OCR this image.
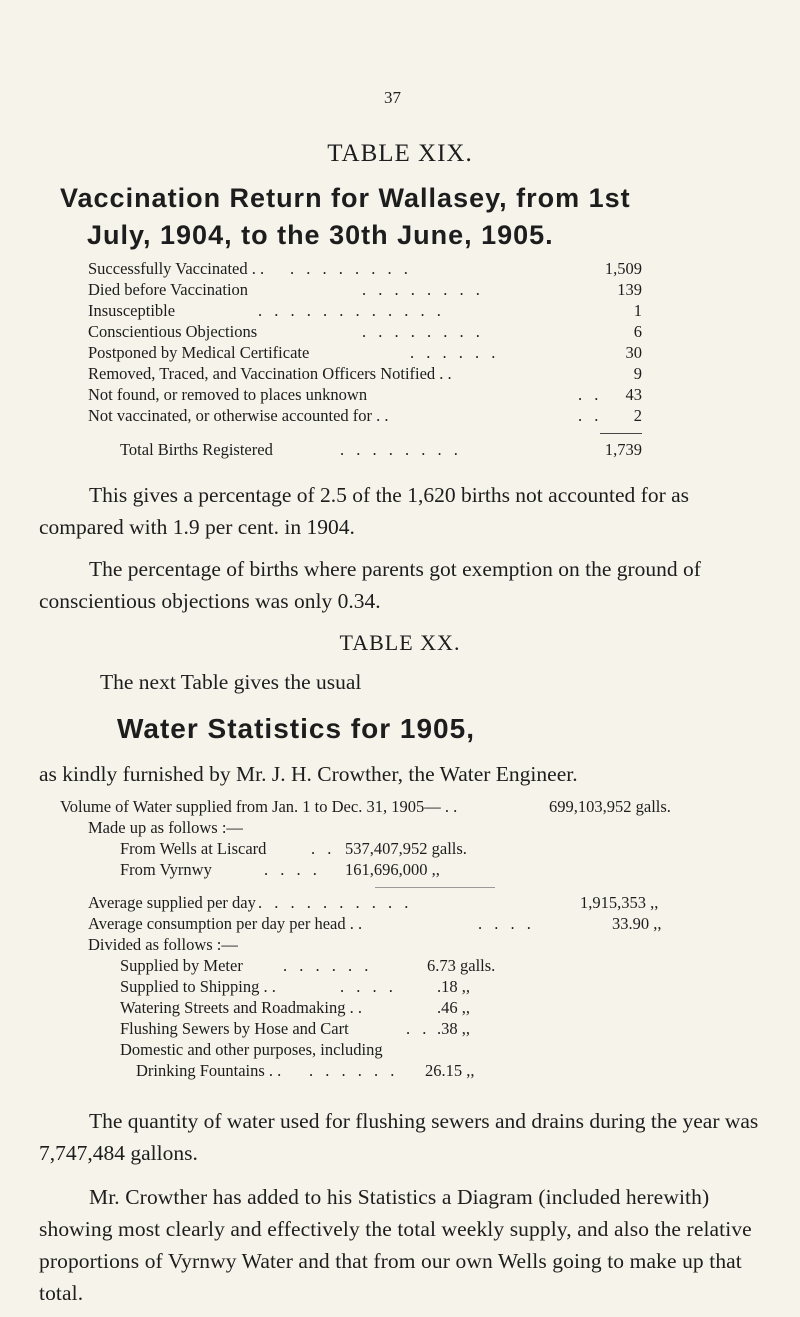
37
TABLE XIX.
Vaccination Return for Wallasey, from 1st
July, 1904, to the 30th June, 1905.
Successfully Vaccinated . . . . . . . . . .	1,509
Died before Vaccination	. . . . . . . .	139
Insusceptible	. . . . . . . . . . . .	1
Conscientious Objections	. . . . . . . .	6
Postponed by Medical Certificate	. . . . . .	30
Removed, Traced, and Vaccination Officers Notified . .	9
Not found, or removed to places unknown	. .	43
Not vaccinated, or otherwise accounted for . .	. .	2
Total Births Registered	. . . . . . . .	1,739
This gives a percentage of 2.5 of the 1,620 births not accounted for as compared with 1.9 per cent. in 1904.
The percentage of births where parents got exemption on the ground of conscientious objections was only 0.34.
TABLE XX.
The next Table gives the usual
Water Statistics for 1905,
as kindly furnished by Mr. J. H. Crowther, the Water Engineer.
Volume of Water supplied from Jan. 1 to Dec. 31, 1905— . .	699,103,952 galls.
Made up as follows :—
From Wells at Liscard	. . 537,407,952 galls.
From Vyrnwy	. . . . 161,696,000 ,,
Average supplied per day . . . . . . . . . .	1,915,353 ,,
Average consumption per day per head . .	. . . .	33.90 ,,
Divided as follows :—
Supplied by Meter . . . . . .	6.73 galls.
Supplied to Shipping . .	. . . . .18 ,,
Watering Streets and Roadmaking . .	.46 ,,
Flushing Sewers by Hose and Cart	. . .38 ,,
Domestic and other purposes, including
Drinking Fountains . . . . . . . . 26.15 ,,
The quantity of water used for flushing sewers and drains during the year was 7,747,484 gallons.
Mr. Crowther has added to his Statistics a Diagram (included herewith) showing most clearly and effectively the total weekly supply, and also the relative proportions of Vyrnwy Water and that from our own Wells going to make up that total.
